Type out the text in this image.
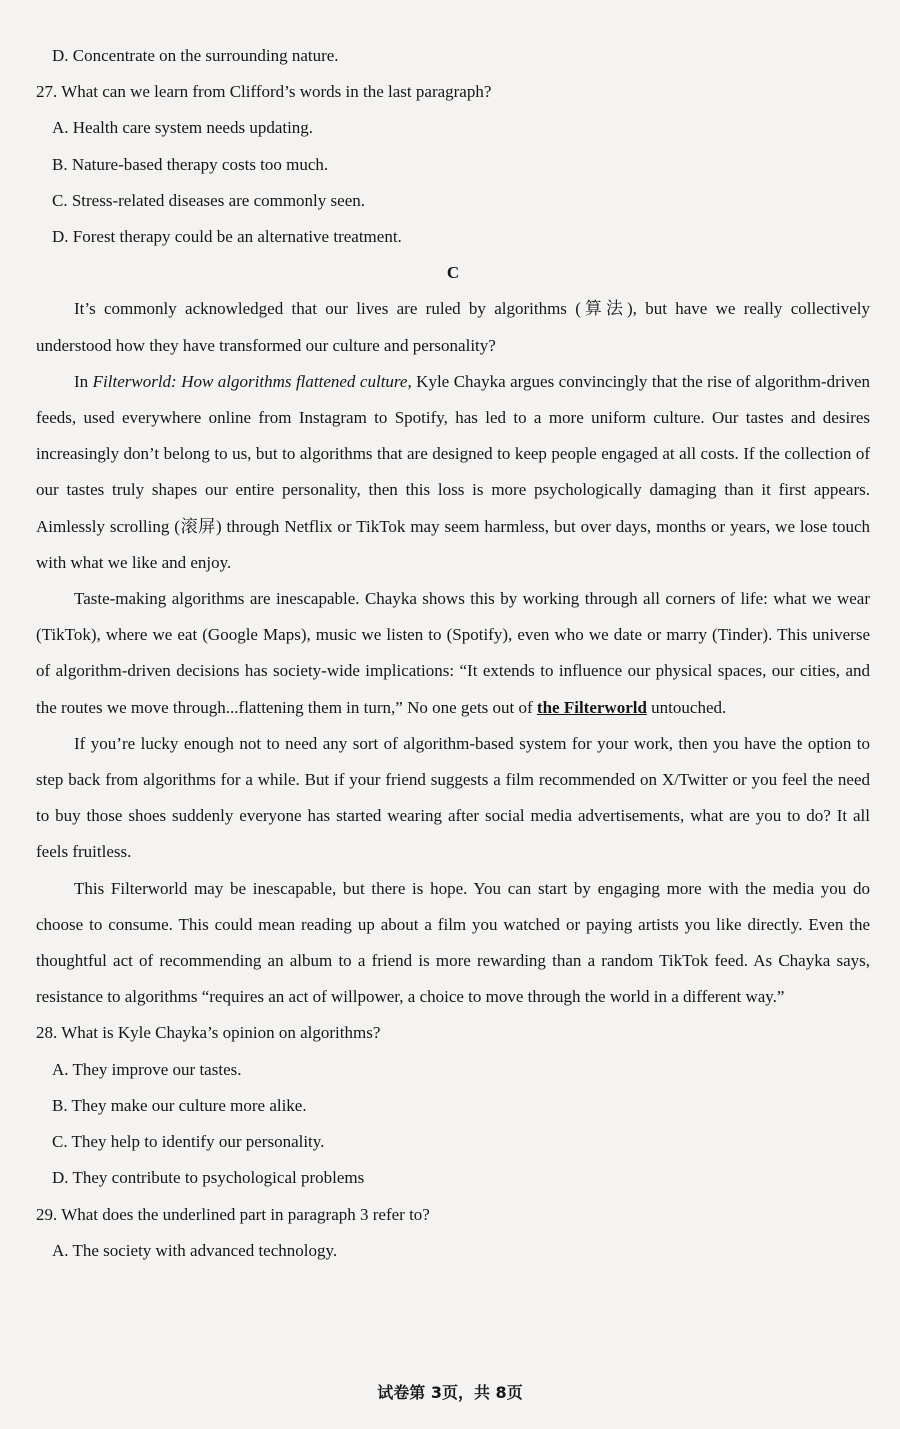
D. Concentrate on the surrounding nature.
27. What can we learn from Clifford’s words in the last paragraph?
A. Health care system needs updating.
B. Nature-based therapy costs too much.
C. Stress-related diseases are commonly seen.
D. Forest therapy could be an alternative treatment.

C

It’s commonly acknowledged that our lives are ruled by algorithms (算法), but have we really collectively understood how they have transformed our culture and personality?

In Filterworld: How algorithms flattened culture, Kyle Chayka argues convincingly that the rise of algorithm-driven feeds, used everywhere online from Instagram to Spotify, has led to a more uniform culture. Our tastes and desires increasingly don’t belong to us, but to algorithms that are designed to keep people engaged at all costs. If the collection of our tastes truly shapes our entire personality, then this loss is more psychologically damaging than it first appears. Aimlessly scrolling (滚屏) through Netflix or TikTok may seem harmless, but over days, months or years, we lose touch with what we like and enjoy.

Taste-making algorithms are inescapable. Chayka shows this by working through all corners of life: what we wear (TikTok), where we eat (Google Maps), music we listen to (Spotify), even who we date or marry (Tinder). This universe of algorithm-driven decisions has society-wide implications: “It extends to influence our physical spaces, our cities, and the routes we move through...flattening them in turn,” No one gets out of the Filterworld untouched.

If you’re lucky enough not to need any sort of algorithm-based system for your work, then you have the option to step back from algorithms for a while. But if your friend suggests a film recommended on X/Twitter or you feel the need to buy those shoes suddenly everyone has started wearing after social media advertisements, what are you to do? It all feels fruitless.

This Filterworld may be inescapable, but there is hope. You can start by engaging more with the media you do choose to consume. This could mean reading up about a film you watched or paying artists you like directly. Even the thoughtful act of recommending an album to a friend is more rewarding than a random TikTok feed. As Chayka says, resistance to algorithms “requires an act of willpower, a choice to move through the world in a different way.”

28. What is Kyle Chayka’s opinion on algorithms?
A. They improve our tastes.
B. They make our culture more alike.
C. They help to identify our personality.
D. They contribute to psychological problems
29. What does the underlined part in paragraph 3 refer to?
A. The society with advanced technology.
试卷第 3页，共 8页
